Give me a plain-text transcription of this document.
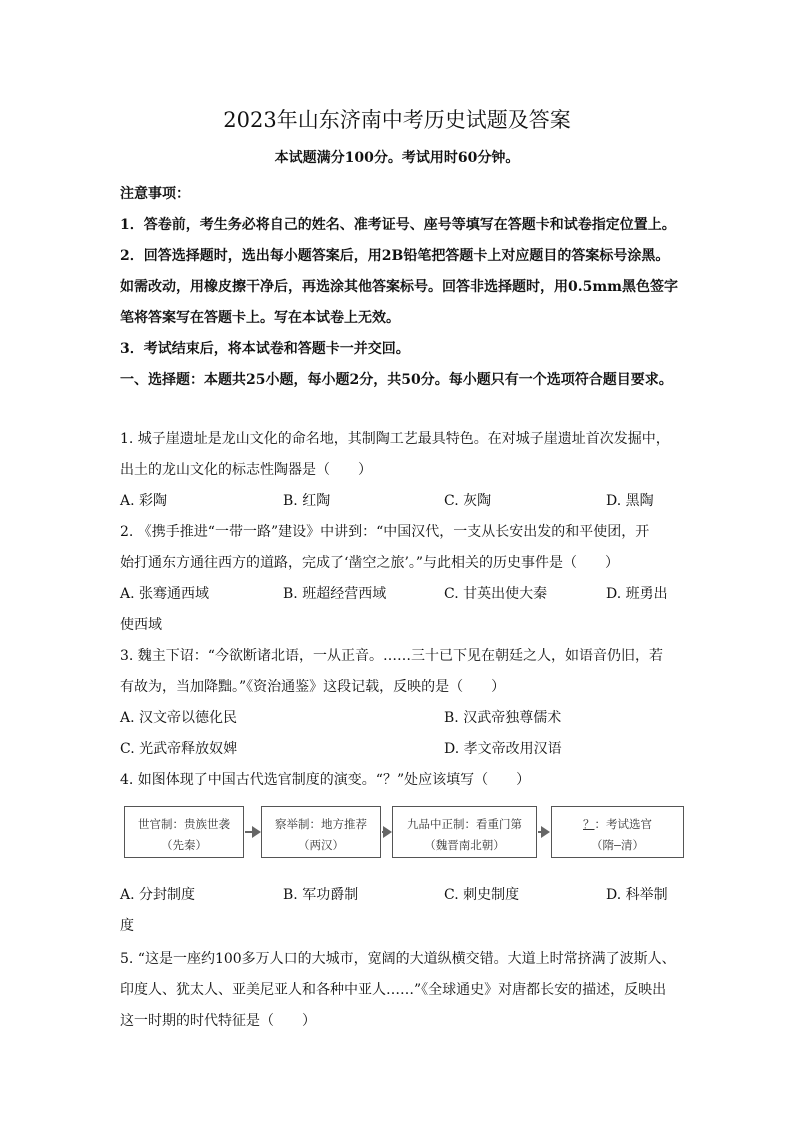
2023年山东济南中考历史试题及答案
本试题满分100分。考试用时60分钟。
注意事项：
1．答卷前，考生务必将自己的姓名、准考证号、座号等填写在答题卡和试卷指定位置上。
2．回答选择题时，选出每小题答案后，用2B铅笔把答题卡上对应题目的答案标号涂黑。
如需改动，用橡皮擦干净后，再选涂其他答案标号。回答非选择题时，用0.5mm黑色签字
笔将答案写在答题卡上。写在本试卷上无效。
3．考试结束后，将本试卷和答题卡一并交回。
一、选择题：本题共25小题，每小题2分，共50分。每小题只有一个选项符合题目要求。
1. 城子崖遗址是龙山文化的命名地，其制陶工艺最具特色。在对城子崖遗址首次发掘中，
出土的龙山文化的标志性陶器是（　　）
A. 彩陶	B. 红陶	C. 灰陶	D. 黑陶
2. 《携手推进“一带一路”建设》中讲到：“中国汉代，一支从长安出发的和平使团，开
始打通东方通往西方的道路，完成了‘凿空之旅’。”与此相关的历史事件是（　　）
A. 张骞通西域	B. 班超经营西域	C. 甘英出使大秦	D. 班勇出
使西域
3. 魏主下诏：“今欲断诸北语，一从正音。……三十已下见在朝廷之人，如语音仍旧，若
有故为，当加降黜。”《资治通鉴》这段记载，反映的是（　　）
A. 汉文帝以德化民	B. 汉武帝独尊儒术
C. 光武帝释放奴婢	D. 孝文帝改用汉语
4. 如图体现了中国古代选官制度的演变。“？”处应该填写（　　）
世官制：贵族世袭
（先秦）
察举制：地方推荐
（两汉）
九品中正制：看重门第
（魏晋南北朝）
？：考试选官
（隋—清）
A. 分封制度	B. 军功爵制	C. 刺史制度	D. 科举制
度
5. “这是一座约100多万人口的大城市，宽阔的大道纵横交错。大道上时常挤满了波斯人、
印度人、犹太人、亚美尼亚人和各种中亚人……”《全球通史》对唐都长安的描述，反映出
这一时期的时代特征是（　　）
